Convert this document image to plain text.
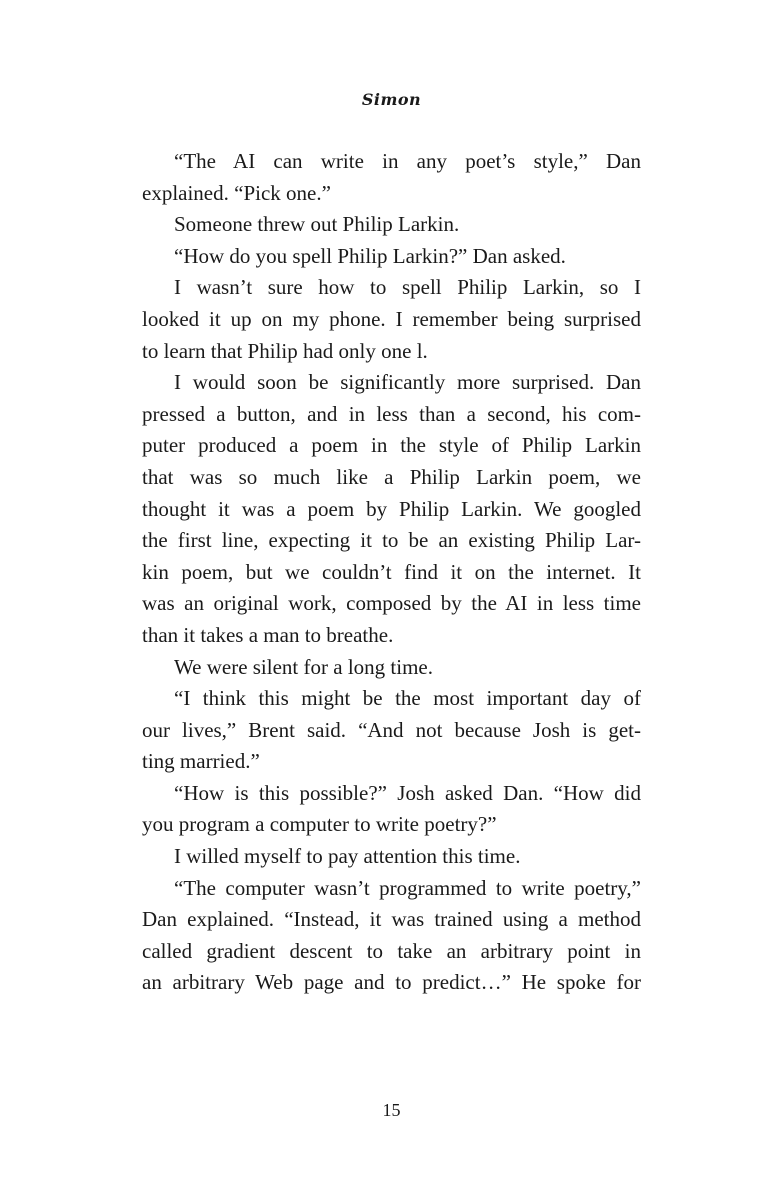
Simon
“The AI can write in any poet’s style,” Dan
explained. “Pick one.”
Someone threw out Philip Larkin.
“How do you spell Philip Larkin?” Dan asked.
I wasn’t sure how to spell Philip Larkin, so I
looked it up on my phone. I remember being surprised
to learn that Philip had only one l.
I would soon be significantly more surprised. Dan
pressed a button, and in less than a second, his com-
puter produced a poem in the style of Philip Larkin
that was so much like a Philip Larkin poem, we
thought it was a poem by Philip Larkin. We googled
the first line, expecting it to be an existing Philip Lar-
kin poem, but we couldn’t find it on the internet. It
was an original work, composed by the AI in less time
than it takes a man to breathe.
We were silent for a long time.
“I think this might be the most important day of
our lives,” Brent said. “And not because Josh is get-
ting married.”
“How is this possible?” Josh asked Dan. “How did
you program a computer to write poetry?”
I willed myself to pay attention this time.
“The computer wasn’t programmed to write poetry,”
Dan explained. “Instead, it was trained using a method
called gradient descent to take an arbitrary point in
an arbitrary Web page and to predict…” He spoke for
15
